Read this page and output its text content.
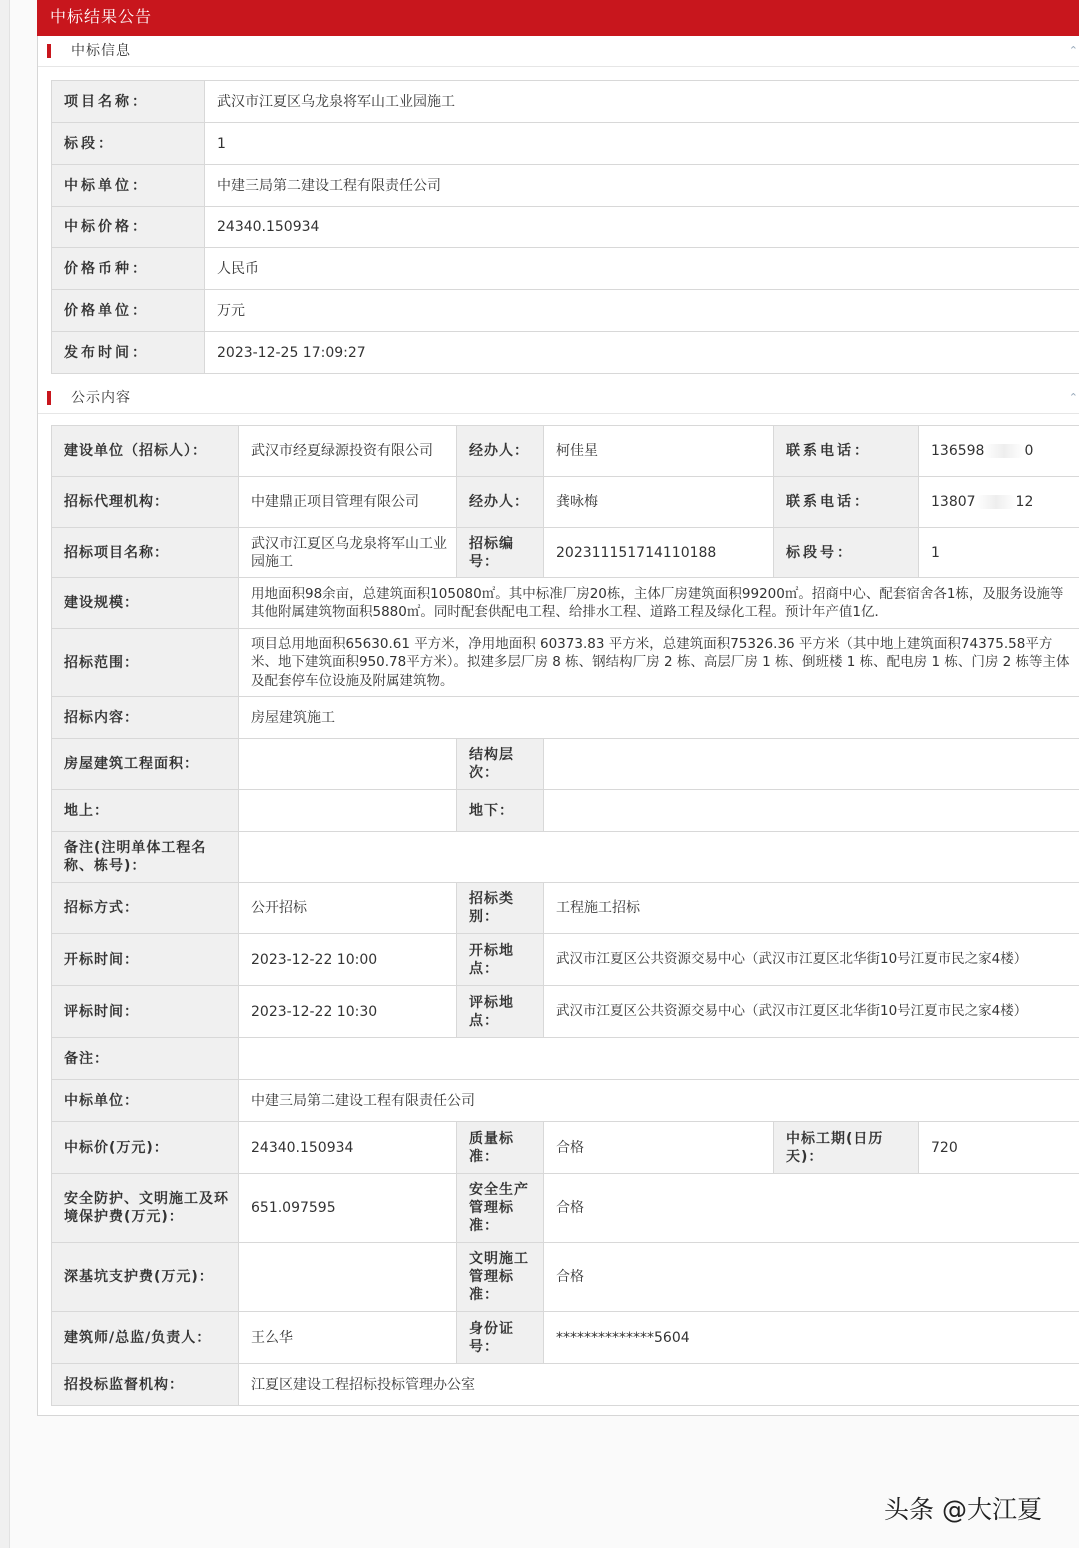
中标结果公告
中标信息	⌃
项目名称：	武汉市江夏区乌龙泉将军山工业园施工
标段：	1
中标单位：	中建三局第二建设工程有限责任公司
中标价格：	24340.150934
价格币种：	人民币
价格单位：	万元
发布时间：	2023-12-25 17:09:27
公示内容	⌃
建设单位（招标人）：	武汉市经夏绿源投资有限公司	经办人：	柯佳星	联系电话：	136598 0
招标代理机构：	中建鼎正项目管理有限公司	经办人：	龚咏梅	联系电话：	13807 12
招标项目名称：	武汉市江夏区乌龙泉将军山工业园施工	招标编号：	202311151714110188	标段号：	1
建设规模：	用地面积98余亩，总建筑面积105080㎡。其中标准厂房20栋，主体厂房建筑面积99200㎡。招商中心、配套宿舍各1栋，及服务设施等其他附属建筑物面积5880㎡。同时配套供配电工程、给排水工程、道路工程及绿化工程。预计年产值1亿．				
招标范围：	项目总用地面积65630.61 平方米，净用地面积 60373.83 平方米，总建筑面积75326.36 平方米（其中地上建筑面积74375.58平方米、地下建筑面积950.78平方米）。拟建多层厂房 8 栋、钢结构厂房 2 栋、高层厂房 1 栋、倒班楼 1 栋、配电房 1 栋、门房 2 栋等主体及配套停车位设施及附属建筑物。				
招标内容：	房屋建筑施工				
房屋建筑工程面积：		结构层次：			
地上：		地下：			
备注(注明单体工程名称、栋号)：					
招标方式：	公开招标	招标类别：	工程施工招标		
开标时间：	2023-12-22 10:00	开标地点：	武汉市江夏区公共资源交易中心（武汉市江夏区北华街10号江夏市民之家4楼）		
评标时间：	2023-12-22 10:30	评标地点：	武汉市江夏区公共资源交易中心（武汉市江夏区北华街10号江夏市民之家4楼）		
备注：					
中标单位：	中建三局第二建设工程有限责任公司				
中标价(万元)：	24340.150934	质量标准：	合格	中标工期(日历天)：	720
安全防护、文明施工及环境保护费(万元)：	651.097595	安全生产管理标准：	合格		
深基坑支护费(万元)：		文明施工管理标准：	合格		
建筑师/总监/负责人：	王么华	身份证号：	**************5604		
招投标监督机构：	江夏区建设工程招标投标管理办公室				
头条 @大江夏
